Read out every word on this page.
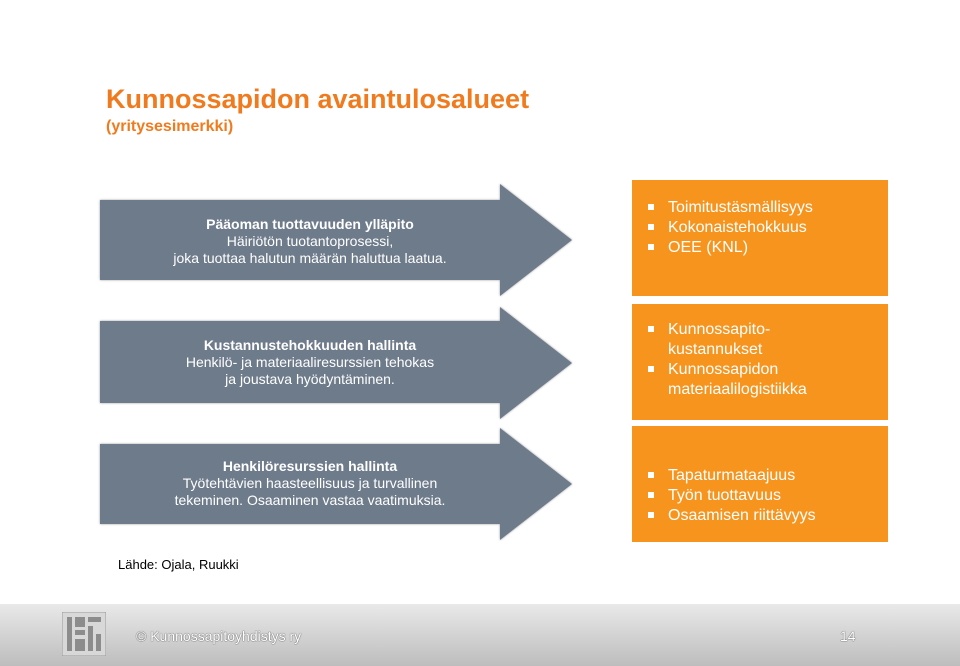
Kunnossapidon avaintulosalueet
(yritysesimerkki)
Pääoman tuottavuuden ylläpito
Häiriötön tuotantoprosessi,
joka tuottaa halutun määrän haluttua laatua.
Toimitustäsmällisyys
Kokonaistehokkuus
OEE (KNL)
Kustannustehokkuuden hallinta
Henkilö- ja materiaaliresurssien tehokas
ja joustava hyödyntäminen.
Kunnossapito-
kustannukset
Kunnossapidon
materiaalilogistiikka
Henkilöresurssien hallinta
Työtehtävien haasteellisuus ja turvallinen
tekeminen. Osaaminen vastaa vaatimuksia.
Tapaturmataajuus
Työn tuottavuus
Osaamisen riittävyys
Lähde: Ojala, Ruukki
© Kunnossapitoyhdistys ry	14
